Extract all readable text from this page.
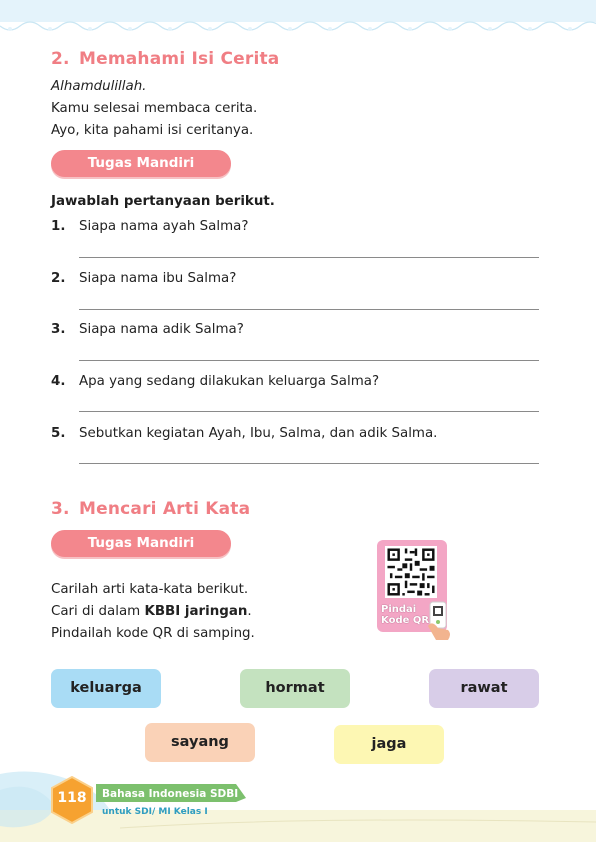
2. Memahami Isi Cerita
Alhamdulillah.
Kamu selesai membaca cerita.
Ayo, kita pahami isi ceritanya.
Tugas Mandiri
Jawablah pertanyaan berikut.
1. Siapa nama ayah Salma?
2. Siapa nama ibu Salma?
3. Siapa nama adik Salma?
4. Apa yang sedang dilakukan keluarga Salma?
5. Sebutkan kegiatan Ayah, Ibu, Salma, dan adik Salma.
3. Mencari Arti Kata
Tugas Mandiri
Carilah arti kata-kata berikut.
Cari di dalam KBBI jaringan.
Pindailah kode QR di samping.
Pindai
Kode QR
keluarga	hormat	rawat
sayang	jaga
118	Bahasa Indonesia SDBI
untuk SDI/ MI Kelas I
